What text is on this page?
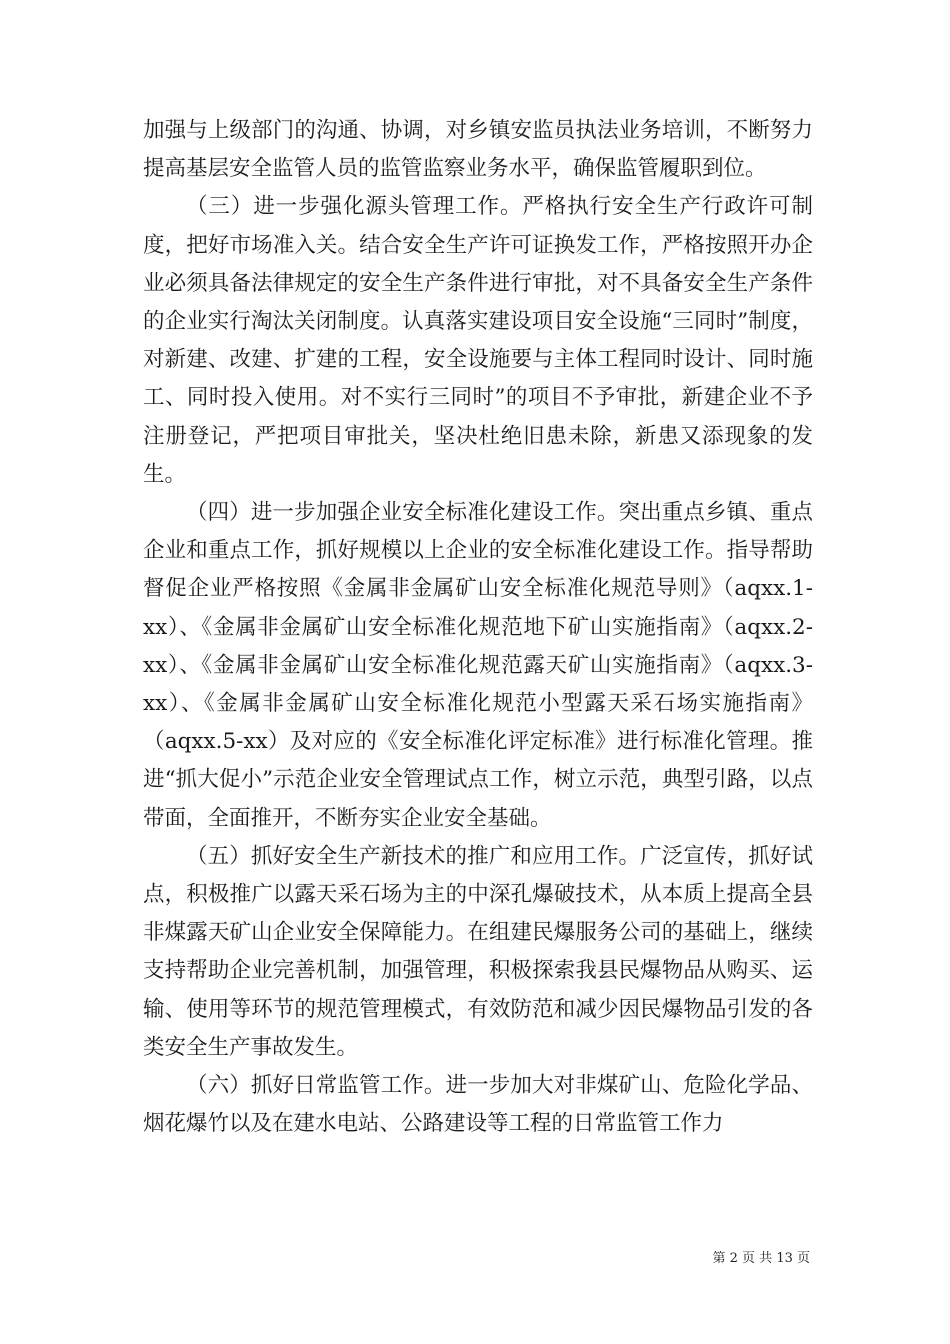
加强与上级部门的沟通、协调，对乡镇安监员执法业务培训，不断努力提高基层安全监管人员的监管监察业务水平，确保监管履职到位。

（三）进一步强化源头管理工作。严格执行安全生产行政许可制度，把好市场准入关。结合安全生产许可证换发工作，严格按照开办企业必须具备法律规定的安全生产条件进行审批，对不具备安全生产条件的企业实行淘汰关闭制度。认真落实建设项目安全设施“三同时”制度，对新建、改建、扩建的工程，安全设施要与主体工程同时设计、同时施工、同时投入使用。对不实行三同时”的项目不予审批，新建企业不予注册登记，严把项目审批关，坚决杜绝旧患未除，新患又添现象的发生。

（四）进一步加强企业安全标准化建设工作。突出重点乡镇、重点企业和重点工作，抓好规模以上企业的安全标准化建设工作。指导帮助督促企业严格按照《金属非金属矿山安全标准化规范导则》（aqxx.1-xx）、《金属非金属矿山安全标准化规范地下矿山实施指南》（aqxx.2-xx）、《金属非金属矿山安全标准化规范露天矿山实施指南》（aqxx.3-xx）、《金属非金属矿山安全标准化规范小型露天采石场实施指南》（aqxx.5-xx）及对应的《安全标准化评定标准》进行标准化管理。推进“抓大促小”示范企业安全管理试点工作，树立示范，典型引路，以点带面，全面推开，不断夯实企业安全基础。

（五）抓好安全生产新技术的推广和应用工作。广泛宣传，抓好试点，积极推广以露天采石场为主的中深孔爆破技术，从本质上提高全县非煤露天矿山企业安全保障能力。在组建民爆服务公司的基础上，继续支持帮助企业完善机制，加强管理，积极探索我县民爆物品从购买、运输、使用等环节的规范管理模式，有效防范和减少因民爆物品引发的各类安全生产事故发生。

（六）抓好日常监管工作。进一步加大对非煤矿山、危险化学品、烟花爆竹以及在建水电站、公路建设等工程的日常监管工作力

第 2 页 共 13 页
